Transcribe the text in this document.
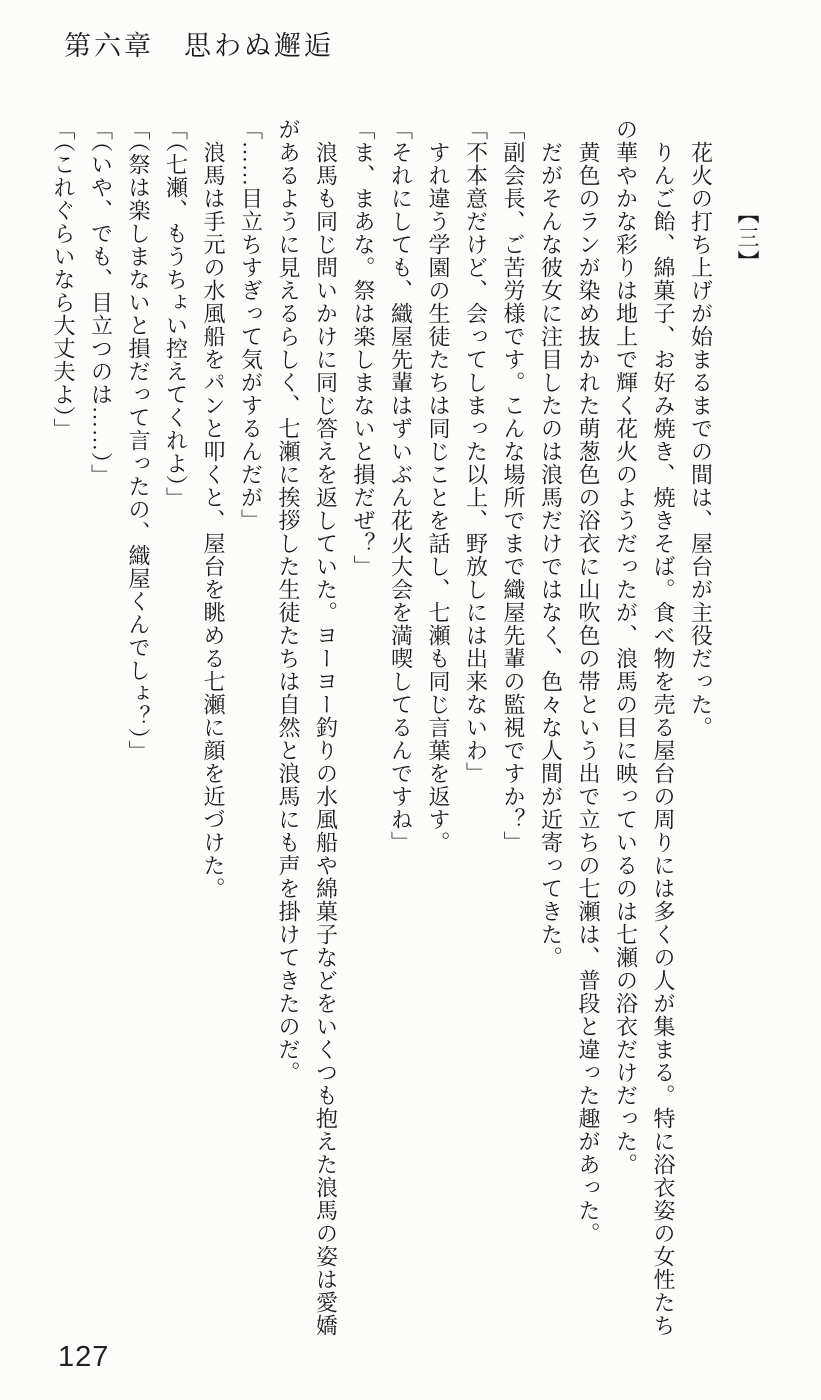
第六章　思わぬ邂逅

【三】

花火の打ち上げが始まるまでの間は、屋台が主役だった。

りんご飴、綿菓子、お好み焼き、焼きそば。食べ物を売る屋台の周りには多くの人が集まる。特に浴衣姿の女性たちの華やかな彩りは地上で輝く花火のようだったが、浪馬の目に映っているのは七瀬の浴衣だけだった。

黄色のランが染め抜かれた萌葱色の浴衣に山吹色の帯という出で立ちの七瀬は、普段と違った趣があった。

だがそんな彼女に注目したのは浪馬だけではなく、色々な人間が近寄ってきた。

「副会長、ご苦労様です。こんな場所でまで織屋先輩の監視ですか？」

「不本意だけど、会ってしまった以上、野放しには出来ないわ」

すれ違う学園の生徒たちは同じことを話し、七瀬も同じ言葉を返す。

「それにしても、織屋先輩はずいぶん花火大会を満喫してるんですね」

「ま、まあな。祭は楽しまないと損だぜ？」

浪馬も同じ問いかけに同じ答えを返していた。ヨーヨー釣りの水風船や綿菓子などをいくつも抱えた浪馬の姿は愛嬌があるように見えるらしく、七瀬に挨拶した生徒たちは自然と浪馬にも声を掛けてきたのだ。

「……目立ちすぎって気がするんだが」

浪馬は手元の水風船をパンと叩くと、屋台を眺める七瀬に顔を近づけた。

「（七瀬、もうちょい控えてくれよ）」

「（祭は楽しまないと損だって言ったの、織屋くんでしょ？）」

「（いや、でも、目立つのは……）」

「（これぐらいなら大丈夫よ）」

127
